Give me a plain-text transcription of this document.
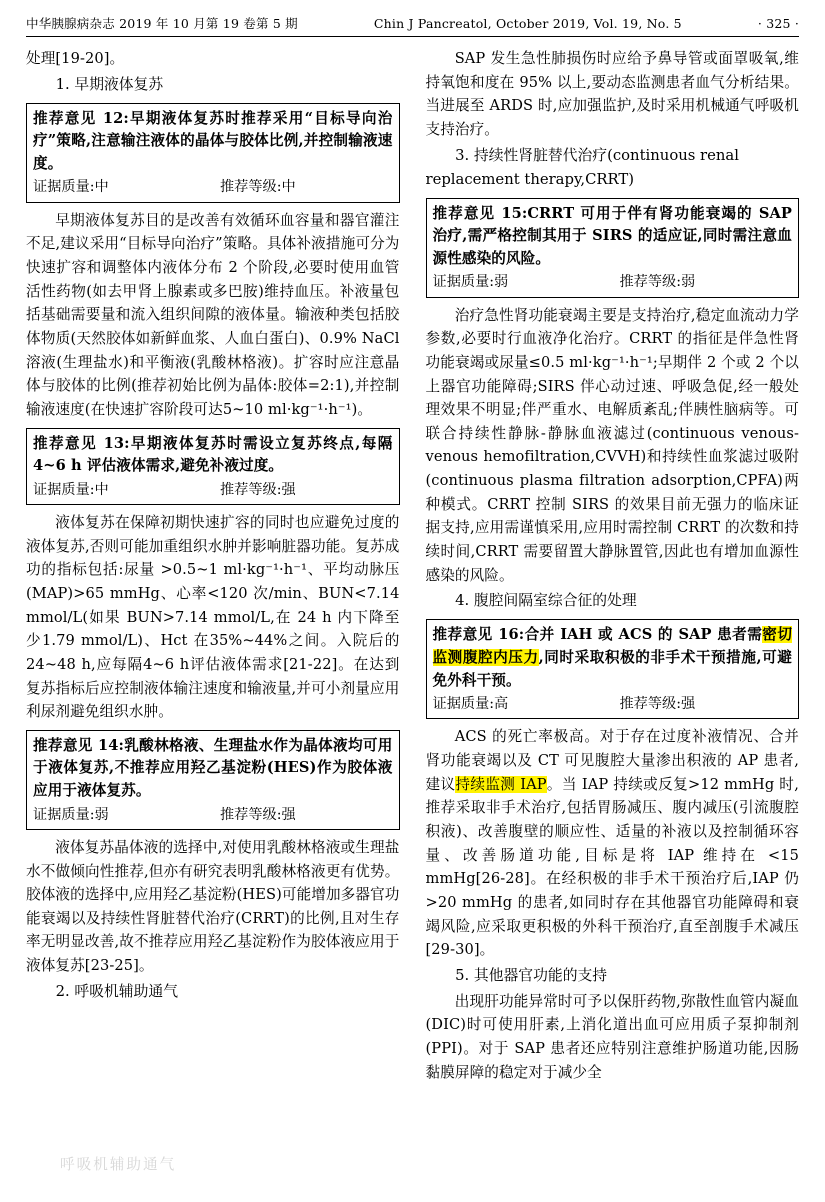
中华胰腺病杂志 2019 年 10 月第 19 卷第 5 期	Chin J Pancreatol, October 2019, Vol. 19, No. 5	· 325 ·

处理[19-20]。

1. 早期液体复苏
推荐意见 12:早期液体复苏时推荐采用“目标导向治疗”策略,注意输注液体的晶体与胶体比例,并控制输液速度。
证据质量:中	推荐等级:中

早期液体复苏目的是改善有效循环血容量和器官灌注不足,建议采用“目标导向治疗”策略。具体补液措施可分为快速扩容和调整体内液体分布 2 个阶段,必要时使用血管活性药物(如去甲肾上腺素或多巴胺)维持血压。补液量包括基础需要量和流入组织间隙的液体量。输液种类包括胶体物质(天然胶体如新鲜血浆、人血白蛋白)、0.9% NaCl 溶液(生理盐水)和平衡液(乳酸林格液)。扩容时应注意晶体与胶体的比例(推荐初始比例为晶体:胶体=2:1),并控制输液速度(在快速扩容阶段可达5~10 ml·kg⁻¹·h⁻¹)。

推荐意见 13:早期液体复苏时需设立复苏终点,每隔4~6 h 评估液体需求,避免补液过度。
证据质量:中	推荐等级:强

液体复苏在保障初期快速扩容的同时也应避免过度的液体复苏,否则可能加重组织水肿并影响脏器功能。复苏成功的指标包括:尿量 >0.5~1 ml·kg⁻¹·h⁻¹、平均动脉压(MAP)>65 mmHg、心率<120 次/min、BUN<7.14 mmol/L(如果 BUN>7.14 mmol/L,在 24 h 内下降至少1.79 mmol/L)、Hct 在35%~44%之间。入院后的24~48 h,应每隔4~6 h评估液体需求[21-22]。在达到复苏指标后应控制液体输注速度和输液量,并可小剂量应用利尿剂避免组织水肿。

推荐意见 14:乳酸林格液、生理盐水作为晶体液均可用于液体复苏,不推荐应用羟乙基淀粉(HES)作为胶体液应用于液体复苏。
证据质量:弱	推荐等级:强

液体复苏晶体液的选择中,对使用乳酸林格液或生理盐水不做倾向性推荐,但亦有研究表明乳酸林格液更有优势。胶体液的选择中,应用羟乙基淀粉(HES)可能增加多器官功能衰竭以及持续性肾脏替代治疗(CRRT)的比例,且对生存率无明显改善,故不推荐应用羟乙基淀粉作为胶体液应用于液体复苏[23-25]。

2. 呼吸机辅助通气

SAP 发生急性肺损伤时应给予鼻导管或面罩吸氧,维持氧饱和度在 95% 以上,要动态监测患者血气分析结果。当进展至 ARDS 时,应加强监护,及时采用机械通气呼吸机支持治疗。

3. 持续性肾脏替代治疗(continuous renal replacement therapy,CRRT)
推荐意见 15:CRRT 可用于伴有肾功能衰竭的 SAP 治疗,需严格控制其用于 SIRS 的适应证,同时需注意血源性感染的风险。
证据质量:弱	推荐等级:弱

治疗急性肾功能衰竭主要是支持治疗,稳定血流动力学参数,必要时行血液净化治疗。CRRT 的指征是伴急性肾功能衰竭或尿量≤0.5 ml·kg⁻¹·h⁻¹;早期伴 2 个或 2 个以上器官功能障碍;SIRS 伴心动过速、呼吸急促,经一般处理效果不明显;伴严重水、电解质紊乱;伴胰性脑病等。可联合持续性静脉-静脉血液滤过(continuous venous-venous hemofiltration,CVVH)和持续性血浆滤过吸附(continuous plasma filtration adsorption,CPFA)两种模式。CRRT 控制 SIRS 的效果目前无强力的临床证据支持,应用需谨慎采用,应用时需控制 CRRT 的次数和持续时间,CRRT 需要留置大静脉置管,因此也有增加血源性感染的风险。

4. 腹腔间隔室综合征的处理
推荐意见 16:合并 IAH 或 ACS 的 SAP 患者需密切监测腹腔内压力,同时采取积极的非手术干预措施,可避免外科干预。
证据质量:高	推荐等级:强

ACS 的死亡率极高。对于存在过度补液情况、合并肾功能衰竭以及 CT 可见腹腔大量渗出积液的 AP 患者,建议持续监测 IAP。当 IAP 持续或反复>12 mmHg 时,推荐采取非手术治疗,包括胃肠减压、腹内减压(引流腹腔积液)、改善腹壁的顺应性、适量的补液以及控制循环容量、改善肠道功能,目标是将 IAP 维持在 <15 mmHg[26-28]。在经积极的非手术干预治疗后,IAP 仍>20 mmHg 的患者,如同时存在其他器官功能障碍和衰竭风险,应采取更积极的外科干预治疗,直至剖腹手术减压[29-30]。

5. 其他器官功能的支持

出现肝功能异常时可予以保肝药物,弥散性血管内凝血(DIC)时可使用肝素,上消化道出血可应用质子泵抑制剂(PPI)。对于 SAP 患者还应特别注意维护肠道功能,因肠黏膜屏障的稳定对于减少全

呼吸机辅助通气
